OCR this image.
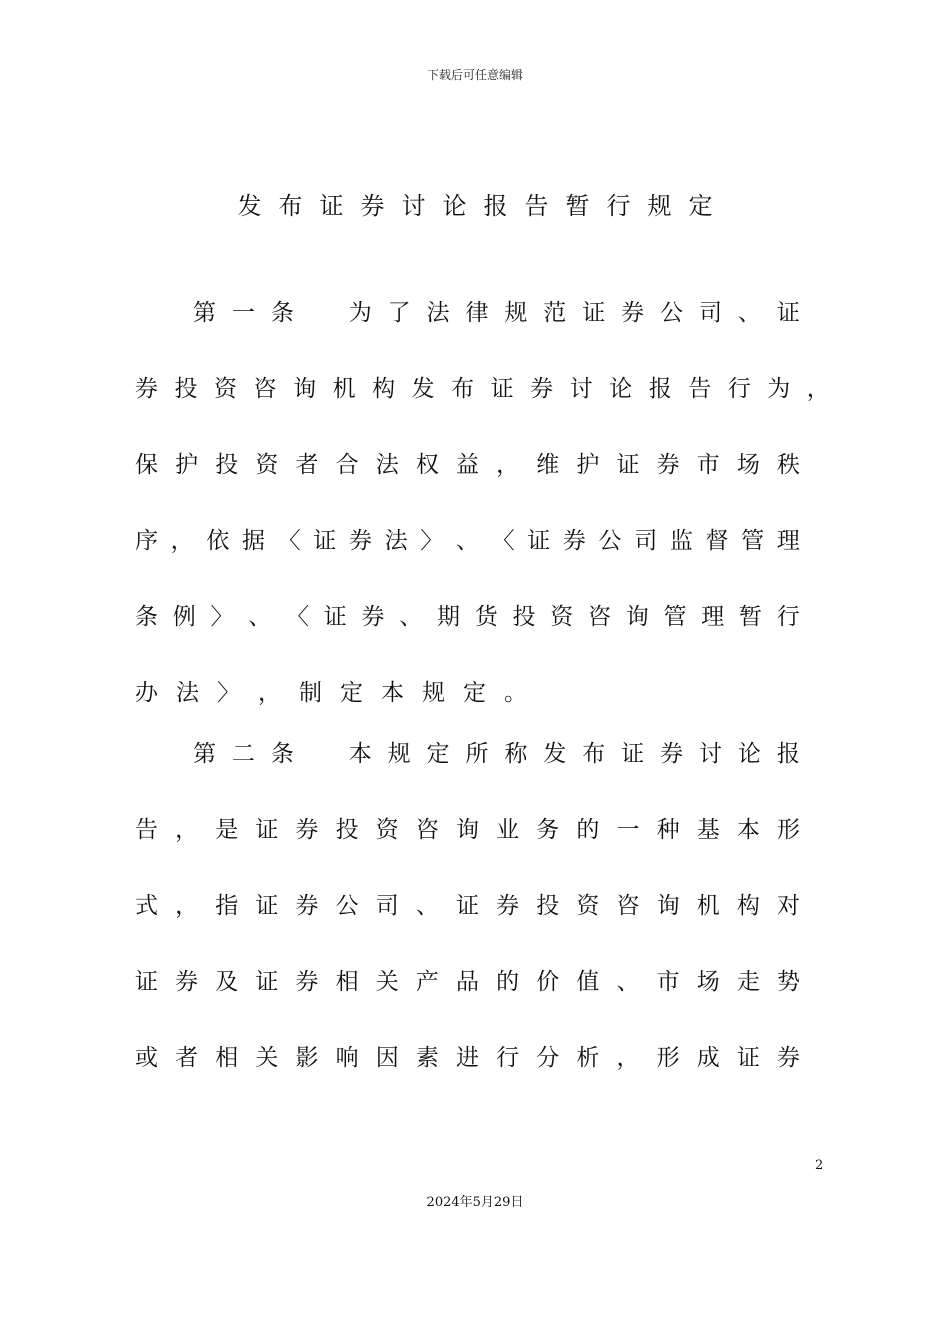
下载后可任意编辑
发布证券讨论报告暂行规定
第 一 条
　 为 了 法 律 规 范 证 券 公 司 、 证
券 投 资 咨 询 机 构 发 布 证 券 讨 论 报 告 行 为 ，
保 护 投 资 者 合 法 权 益 ， 维 护 证 券 市 场 秩
序 ， 依 据 〈 证 券 法 〉 、 〈 证 券 公 司 监 督 管 理
条 例 〉 、 〈 证 券 、 期 货 投 资 咨 询 管 理 暂 行
办 法 〉 ， 制 定 本 规 定 。
第 二 条
　 本 规 定 所 称 发 布 证 券 讨 论 报
告 ， 是 证 券 投 资 咨 询 业 务 的 一 种 基 本 形
式 ， 指 证 券 公 司 、 证 券 投 资 咨 询 机 构 对
证 券 及 证 券 相 关 产 品 的 价 值 、 市 场 走 势
或 者 相 关 影 响 因 素 进 行 分 析 ， 形 成 证 券
2
2024年5月29日
